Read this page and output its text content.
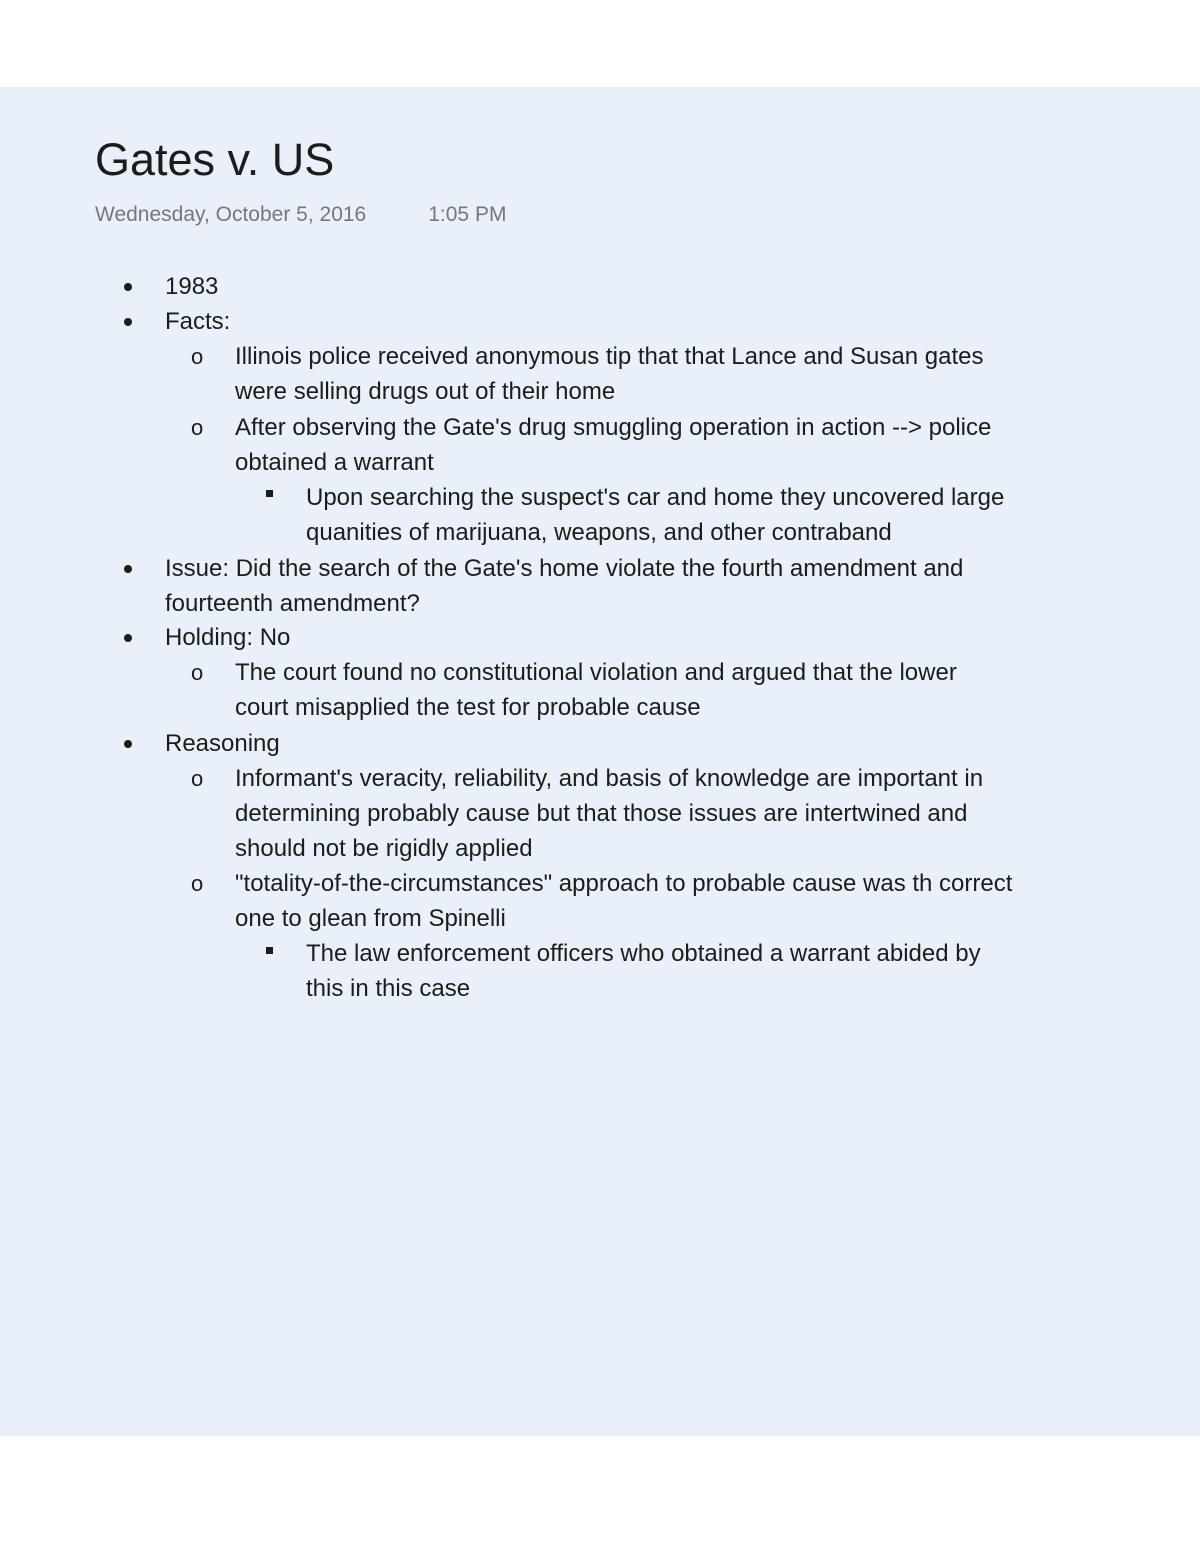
Gates v. US
Wednesday, October 5, 2016	1:05 PM
1983
Facts:
o Illinois police received anonymous tip that that Lance and Susan gates
were selling drugs out of their home
o After observing the Gate's drug smuggling operation in action --> police
obtained a warrant
Upon searching the suspect's car and home they uncovered large
quanities of marijuana, weapons, and other contraband
Issue: Did the search of the Gate's home violate the fourth amendment and
fourteenth amendment?
Holding: No
o The court found no constitutional violation and argued that the lower
court misapplied the test for probable cause
Reasoning
o Informant's veracity, reliability, and basis of knowledge are important in
determining probably cause but that those issues are intertwined and
should not be rigidly applied
o "totality-of-the-circumstances" approach to probable cause was th correct
one to glean from Spinelli
The law enforcement officers who obtained a warrant abided by
this in this case
